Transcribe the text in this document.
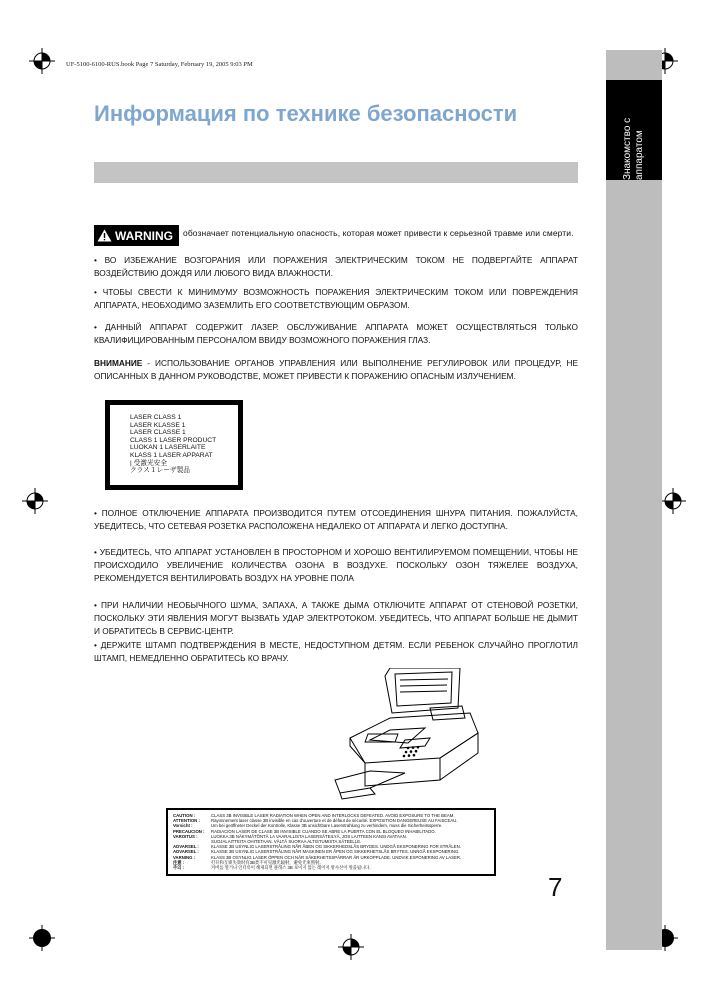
Знакомство с аппаратом
UF-5100-6100-RUS.book Page 7 Saturday, February 19, 2005 9:03 PM
Информация по технике безопасности
WARNING обозначает потенциальную опасность, которая может привести к серьезной травме или смерти.
• ВО ИЗБЕЖАНИЕ ВОЗГОРАНИЯ ИЛИ ПОРАЖЕНИЯ ЭЛЕКТРИЧЕСКИМ ТОКОМ НЕ ПОДВЕРГАЙТЕ АППАРАТ ВОЗДЕЙСТВИЮ ДОЖДЯ ИЛИ ЛЮБОГО ВИДА ВЛАЖНОСТИ.
• ЧТОБЫ СВЕСТИ К МИНИМУМУ ВОЗМОЖНОСТЬ ПОРАЖЕНИЯ ЭЛЕКТРИЧЕСКИМ ТОКОМ ИЛИ ПОВРЕЖДЕНИЯ АППАРАТА, НЕОБХОДИМО ЗАЗЕМЛИТЬ ЕГО СООТВЕТСТВУЮЩИМ ОБРАЗОМ.
• ДАННЫЙ АППАРАТ СОДЕРЖИТ ЛАЗЕР. ОБСЛУЖИВАНИЕ АППАРАТА МОЖЕТ ОСУЩЕСТВЛЯТЬСЯ ТОЛЬКО КВАЛИФИЦИРОВАННЫМ ПЕРСОНАЛОМ ВВИДУ ВОЗМОЖНОГО ПОРАЖЕНИЯ ГЛАЗ.
ВНИМАНИЕ - ИСПОЛЬЗОВАНИЕ ОРГАНОВ УПРАВЛЕНИЯ ИЛИ ВЫПОЛНЕНИЕ РЕГУЛИРОВОК ИЛИ ПРОЦЕДУР, НЕ ОПИСАННЫХ В ДАННОМ РУКОВОДСТВЕ, МОЖЕТ ПРИВЕСТИ К ПОРАЖЕНИЮ ОПАСНЫМ ИЗЛУЧЕНИЕМ.
LASER CLASS 1
LASER KLASSE 1
LASER CLASSE 1
CLASS 1 LASER PRODUCT
LUOKAN 1 LASERLAITE
KLASS 1 LASER APPARAT
| 受激光安全
クラス１レーザ製品
• ПОЛНОЕ ОТКЛЮЧЕНИЕ АППАРАТА ПРОИЗВОДИТСЯ ПУТЕМ ОТСОЕДИНЕНИЯ ШНУРА ПИТАНИЯ. ПОЖАЛУЙСТА, УБЕДИТЕСЬ, ЧТО СЕТЕВАЯ РОЗЕТКА РАСПОЛОЖЕНА НЕДАЛЕКО ОТ АППАРАТА И ЛЕГКО ДОСТУПНА.
• УБЕДИТЕСЬ, ЧТО АППАРАТ УСТАНОВЛЕН В ПРОСТОРНОМ И ХОРОШО ВЕНТИЛИРУЕМОМ ПОМЕЩЕНИИ, ЧТОБЫ НЕ ПРОИСХОДИЛО УВЕЛИЧЕНИЕ КОЛИЧЕСТВА ОЗОНА В ВОЗДУХЕ. ПОСКОЛЬКУ ОЗОН ТЯЖЕЛЕЕ ВОЗДУХА, РЕКОМЕНДУЕТСЯ ВЕНТИЛИРОВАТЬ ВОЗДУХ НА УРОВНЕ ПОЛА
• ПРИ НАЛИЧИИ НЕОБЫЧНОГО ШУМА, ЗАПАХА, А ТАКЖЕ ДЫМА ОТКЛЮЧИТЕ АППАРАТ ОТ СТЕНОВОЙ РОЗЕТКИ, ПОСКОЛЬКУ ЭТИ ЯВЛЕНИЯ МОГУТ ВЫЗВАТЬ УДАР ЭЛЕКТРОТОКОМ. УБЕДИТЕСЬ, ЧТО АППАРАТ БОЛЬШЕ НЕ ДЫМИТ И ОБРАТИТЕСЬ В СЕРВИС-ЦЕНТР.
• ДЕРЖИТЕ ШТАМП ПОДТВЕРЖДЕНИЯ В МЕСТЕ, НЕДОСТУПНОМ ДЕТЯМ. ЕСЛИ РЕБЕНОК СЛУЧАЙНО ПРОГЛОТИЛ ШТАМП, НЕМЕДЛЕННО ОБРАТИТЕСЬ КО ВРАЧУ.
CAUTION :	CLASS 3B INVISIBLE LASER RADIATION WHEN OPEN AND INTERLOCKS DEFEATED. AVOID EXPOSURE TO THE BEAM.
ATTENTION :	Rayonnement laser classe 3B invisible en cas d'ouverture et de défaut de sécurité. EXPOSITION DANGEREUSE AU FAISCEAU.
Vorsicht :	Um bei geöffneter Deckel der Kontrolle, Klasse 3B unsichtbare Laserstrahlung zu verhindern, muss die Sicherheitssperre.
PRECAUCION :	RADIACION LASER DE CLASE 3B INVISIBLE CUANDO SE ABRE LA PUERTA CON EL BLOQUEO INHABILITADO.
VAROITUS :	LUOKKA 3B NÄKYMÄTÖNTÄ LA VAARALLISTA LASERSÄTEILYÄ, JOS LAITTEEN KANSI AVATAAN.
SUOJALAITTEITA OHITETAAN. VÄLTÄ SUORAA ALTISTUMISTA SÄTEELLE.
ADVARSEL :	KLASSE 3B USYNLIG LASERSTRÅLING NÅR ÅBEN OG SIKKERHEDSLÅS BRYDES. UNDGÅ EKSPONERING FOR STRÅLEN.
ADVARSEL :	KLASSE 3B USYNLIG LASERSTRÅLING NÅR MASKINEN ER ÅPEN OG SIKKERHETSLÅS BRYTES. UNNGÅ EKSPONERING.
VARNING :	KLASS 3B OSYNLIG LASER ÖPPEN OCH NÄR SÄKERHETSSPÄRRAR ÄR URKOPPLADE. UNDVIK EXPONERING AV LASER.
注意 :	打开和互锁失效时有3B类不可见激光辐射，避免光束照射。
주의 :	커버를 열거나 인터록이 해제되면 클래스 3B 보이지 않는 레이저 방사선이 방출됩니다.
7
